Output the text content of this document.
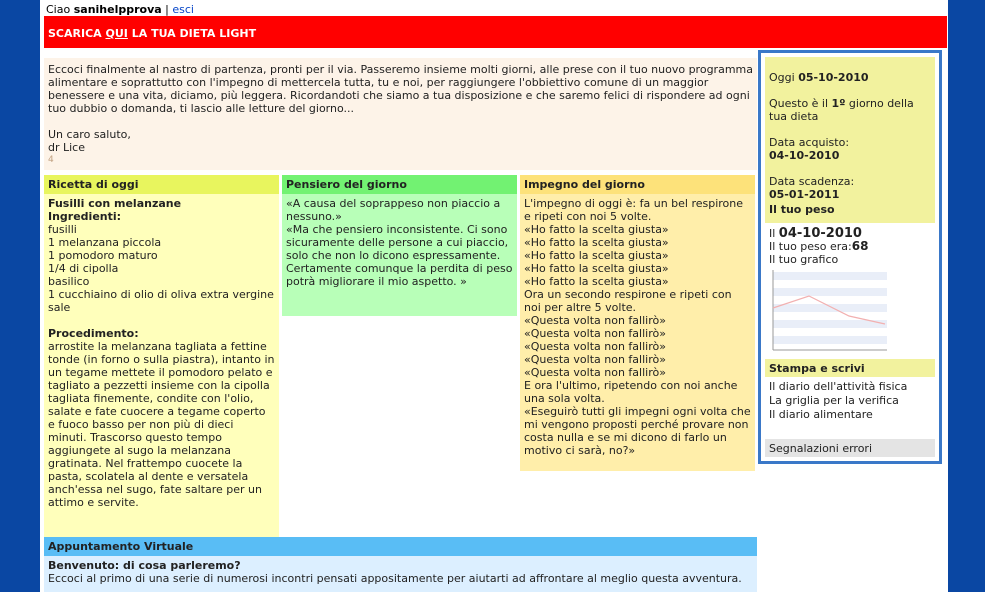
Ciao sanihelpprova | esci
SCARICA QUI LA TUA DIETA LIGHT
Eccoci finalmente al nastro di partenza, pronti per il via. Passeremo insieme molti giorni, alle prese con il tuo nuovo programma alimentare e soprattutto con l'impegno di mettercela tutta, tu e noi, per raggiungere l'obbiettivo comune di un maggior benessere e una vita, diciamo, più leggera. Ricordandoti che siamo a tua disposizione e che saremo felici di rispondere ad ogni tuo dubbio o domanda, ti lascio alle letture del giorno...
Un caro saluto,
dr Lice
4
Ricetta di oggi
Fusilli con melanzane
Ingredienti:
fusilli
1 melanzana piccola
1 pomodoro maturo
1/4 di cipolla
basilico
1 cucchiaino di olio di oliva extra vergine
sale
Procedimento:
arrostite la melanzana tagliata a fettine tonde (in forno o sulla piastra), intanto in un tegame mettete il pomodoro pelato e tagliato a pezzetti insieme con la cipolla tagliata finemente, condite con l'olio, salate e fate cuocere a tegame coperto e fuoco basso per non più di dieci minuti. Trascorso questo tempo aggiungete al sugo la melanzana gratinata. Nel frattempo cuocete la pasta, scolatela al dente e versatela anch'essa nel sugo, fate saltare per un attimo e servite.
Pensiero del giorno
«A causa del soprappeso non piaccio a nessuno.»
«Ma che pensiero inconsistente. Ci sono sicuramente delle persone a cui piaccio, solo che non lo dicono espressamente. Certamente comunque la perdita di peso potrà migliorare il mio aspetto. »
Impegno del giorno
L'impegno di oggi è: fa un bel respirone e ripeti con noi 5 volte.
«Ho fatto la scelta giusta»
«Ho fatto la scelta giusta»
«Ho fatto la scelta giusta»
«Ho fatto la scelta giusta»
«Ho fatto la scelta giusta»
Ora un secondo respirone e ripeti con noi per altre 5 volte.
«Questa volta non fallirò»
«Questa volta non fallirò»
«Questa volta non fallirò»
«Questa volta non fallirò»
«Questa volta non fallirò»
E ora l'ultimo, ripetendo con noi anche una sola volta.
«Eseguirò tutti gli impegni ogni volta che mi vengono proposti perché provare non costa nulla e se mi dicono di farlo un motivo ci sarà, no?»
Appuntamento Virtuale
Benvenuto: di cosa parleremo?
Eccoci al primo di una serie di numerosi incontri pensati appositamente per aiutarti ad affrontare al meglio questa avventura.
Oggi 05-10-2010
Questo è il 1º giorno della tua dieta
Data acquisto:
04-10-2010
Data scadenza:
05-01-2011
Il tuo peso
Il 04-10-2010
Il tuo peso era:68
Il tuo grafico
Stampa e scrivi
Il diario dell'attività fisica
La griglia per la verifica
Il diario alimentare
Segnalazioni errori
